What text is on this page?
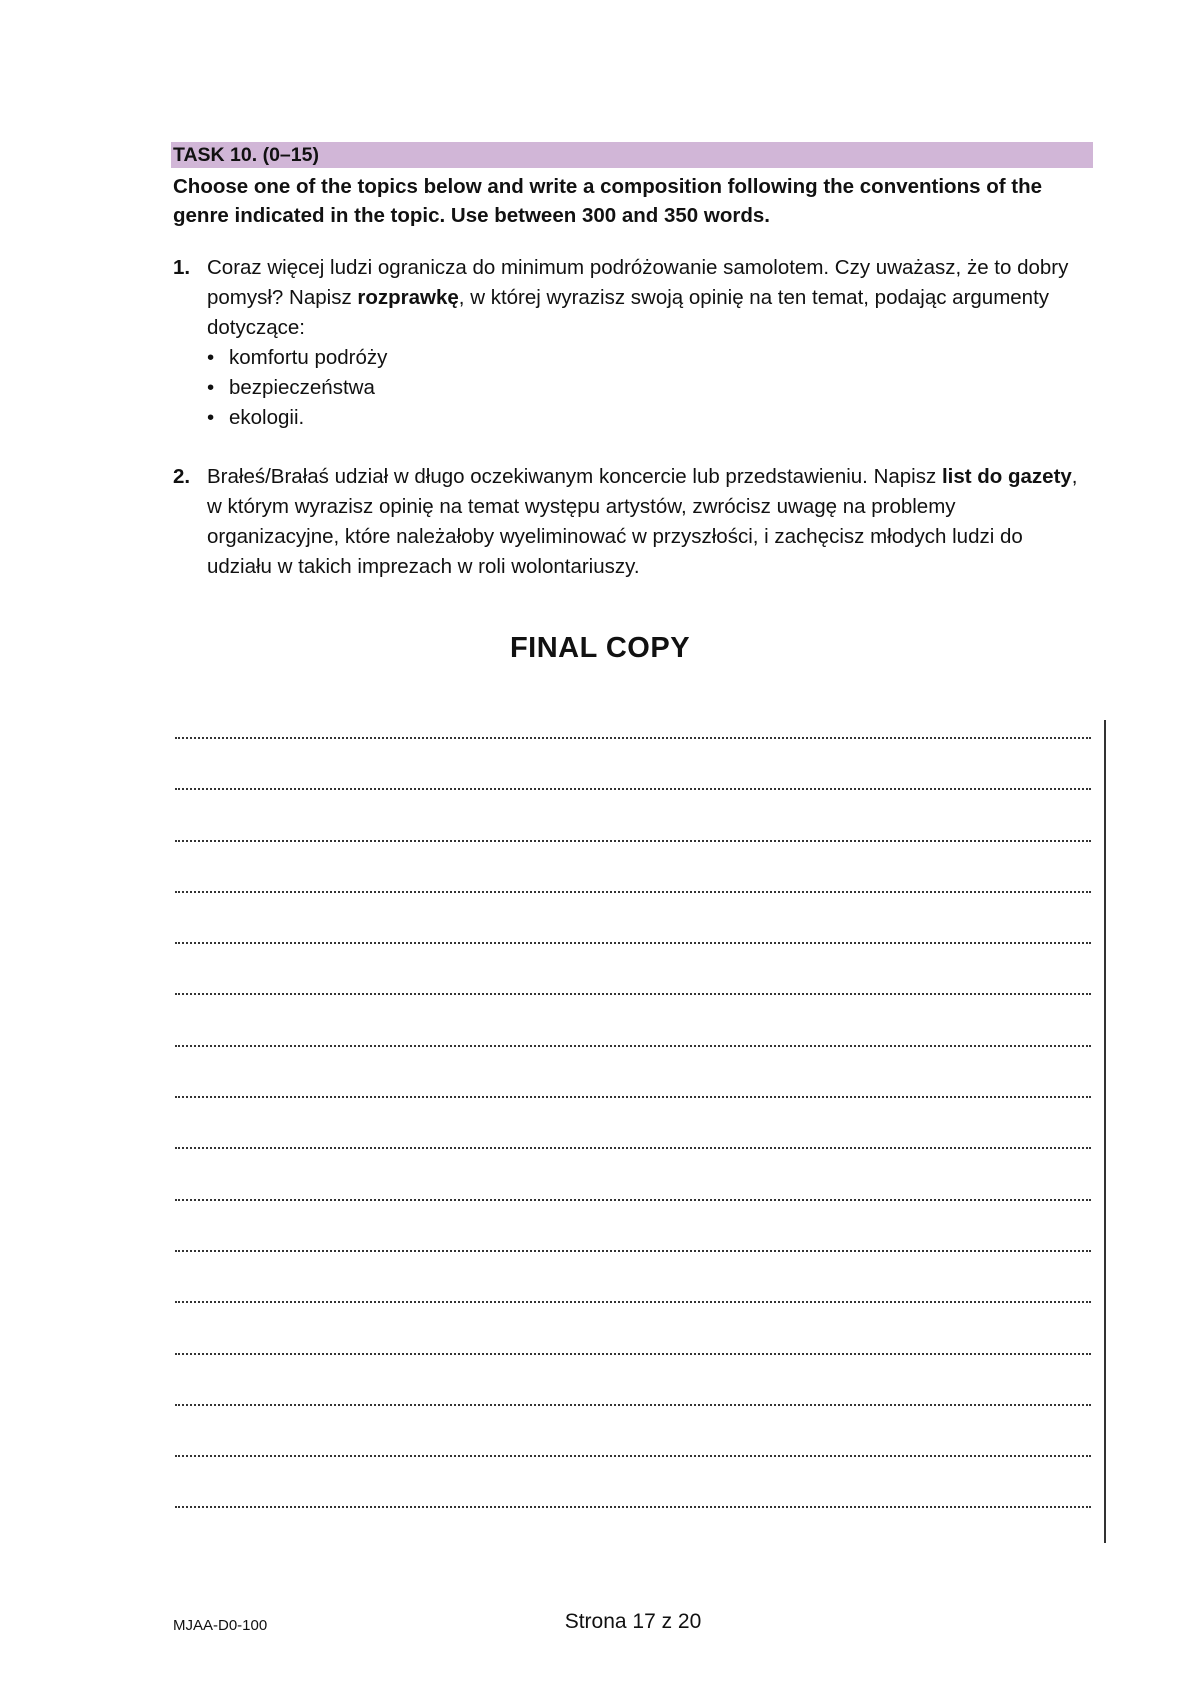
TASK 10. (0–15)
Choose one of the topics below and write a composition following the conventions of the genre indicated in the topic. Use between 300 and 350 words.
1. Coraz więcej ludzi ogranicza do minimum podróżowanie samolotem. Czy uważasz, że to dobry pomysł? Napisz rozprawkę, w której wyrazisz swoją opinię na ten temat, podając argumenty dotyczące:
• komfortu podróży
• bezpieczeństwa
• ekologii.
2. Brałeś/Brałaś udział w długo oczekiwanym koncercie lub przedstawieniu. Napisz list do gazety, w którym wyrazisz opinię na temat występu artystów, zwrócisz uwagę na problemy organizacyjne, które należałoby wyeliminować w przyszłości, i zachęcisz młodych ludzi do udziału w takich imprezach w roli wolontariuszy.
FINAL COPY
MJAA-D0-100	Strona 17 z 20
